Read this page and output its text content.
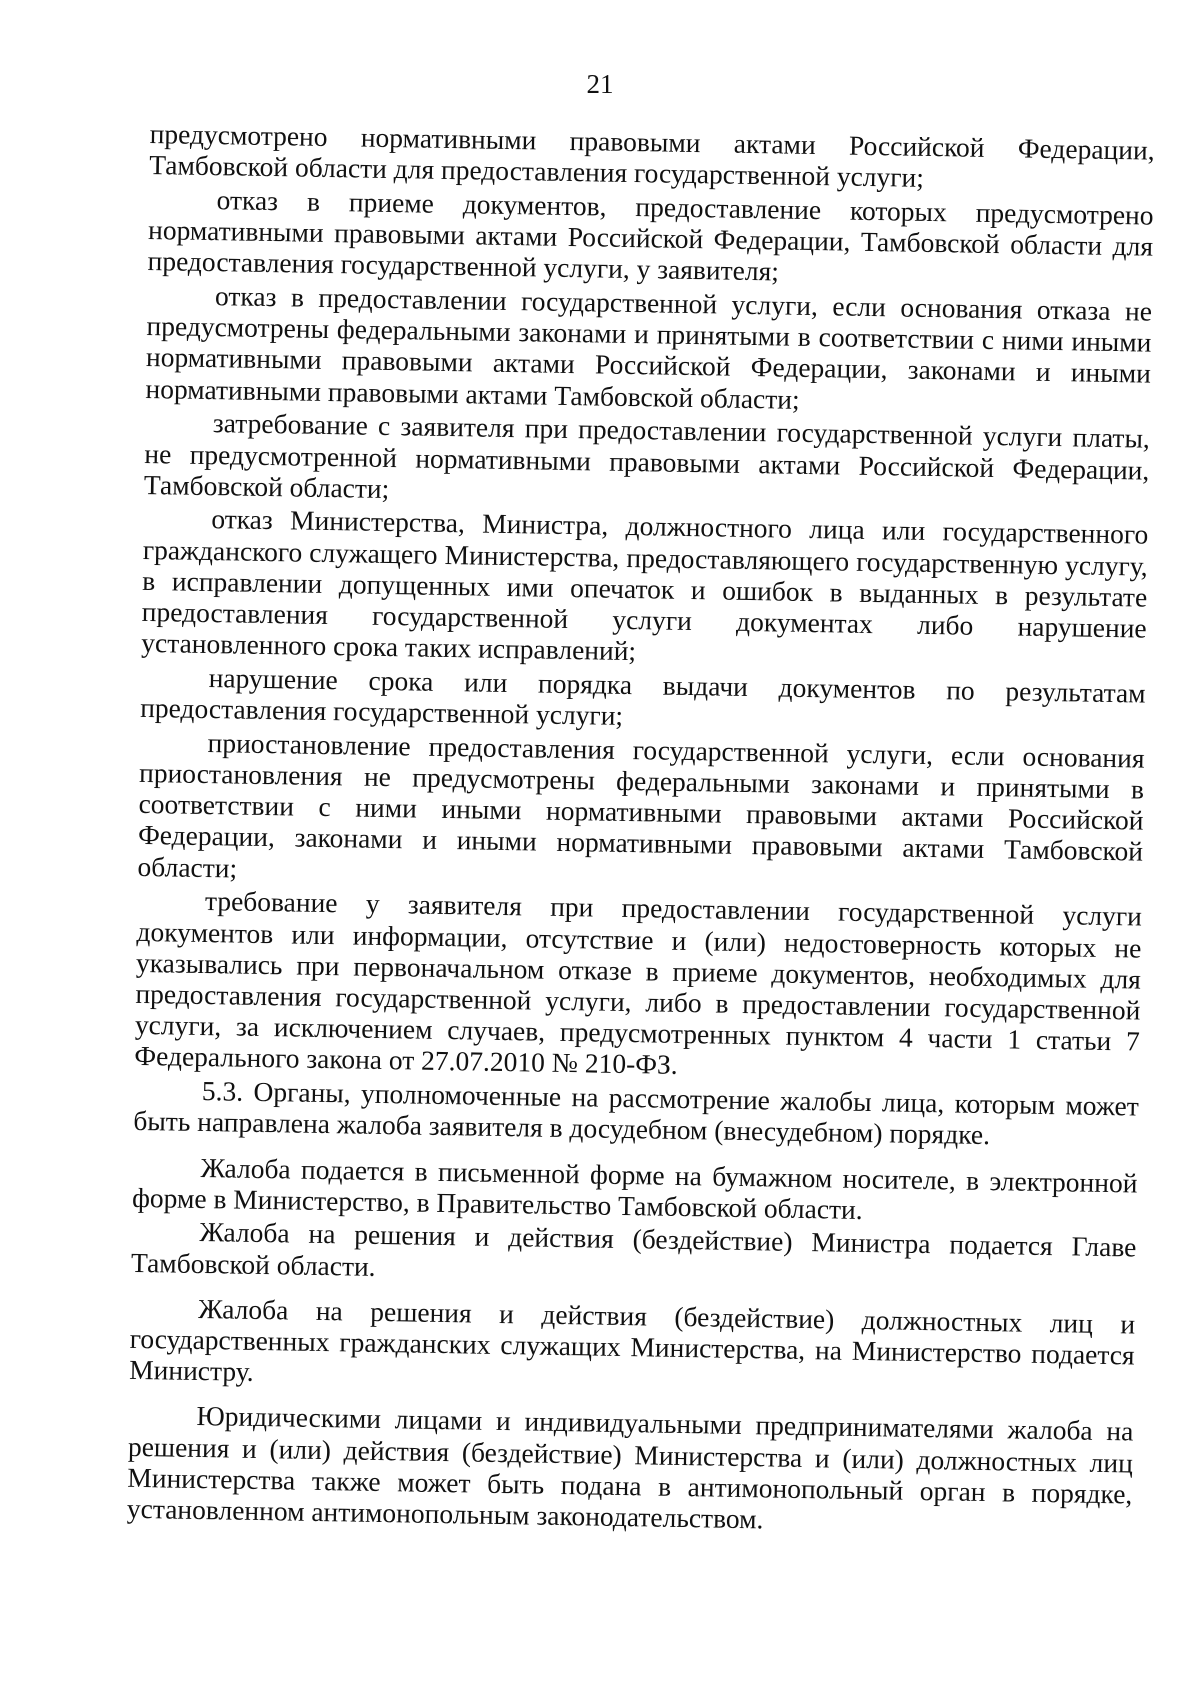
21

предусмотрено нормативными правовыми актами Российской Федерации, Тамбовской области для предоставления государственной услуги;

отказ в приеме документов, предоставление которых предусмотрено нормативными правовыми актами Российской Федерации, Тамбовской области для предоставления государственной услуги, у заявителя;

отказ в предоставлении государственной услуги, если основания отказа не предусмотрены федеральными законами и принятыми в соответствии с ними иными нормативными правовыми актами Российской Федерации, законами и иными нормативными правовыми актами Тамбовской области;

затребование с заявителя при предоставлении государственной услуги платы, не предусмотренной нормативными правовыми актами Российской Федерации, Тамбовской области;

отказ Министерства, Министра, должностного лица или государственного гражданского служащего Министерства, предоставляющего государственную услугу, в исправлении допущенных ими опечаток и ошибок в выданных в результате предоставления государственной услуги документах либо нарушение установленного срока таких исправлений;

нарушение срока или порядка выдачи документов по результатам предоставления государственной услуги;

приостановление предоставления государственной услуги, если основания приостановления не предусмотрены федеральными законами и принятыми в соответствии с ними иными нормативными правовыми актами Российской Федерации, законами и иными нормативными правовыми актами Тамбовской области;

требование у заявителя при предоставлении государственной услуги документов или информации, отсутствие и (или) недостоверность которых не указывались при первоначальном отказе в приеме документов, необходимых для предоставления государственной услуги, либо в предоставлении государственной услуги, за исключением случаев, предусмотренных пунктом 4 части 1 статьи 7 Федерального закона от 27.07.2010 № 210-ФЗ.

5.3. Органы, уполномоченные на рассмотрение жалобы лица, которым может быть направлена жалоба заявителя в досудебном (внесудебном) порядке.

Жалоба подается в письменной форме на бумажном носителе, в электронной форме в Министерство, в Правительство Тамбовской области.

Жалоба на решения и действия (бездействие) Министра подается Главе Тамбовской области.

Жалоба на решения и действия (бездействие) должностных лиц и государственных гражданских служащих Министерства, на Министерство подается Министру.

Юридическими лицами и индивидуальными предпринимателями жалоба на решения и (или) действия (бездействие) Министерства и (или) должностных лиц Министерства также может быть подана в антимонопольный орган в порядке, установленном антимонопольным законодательством.
